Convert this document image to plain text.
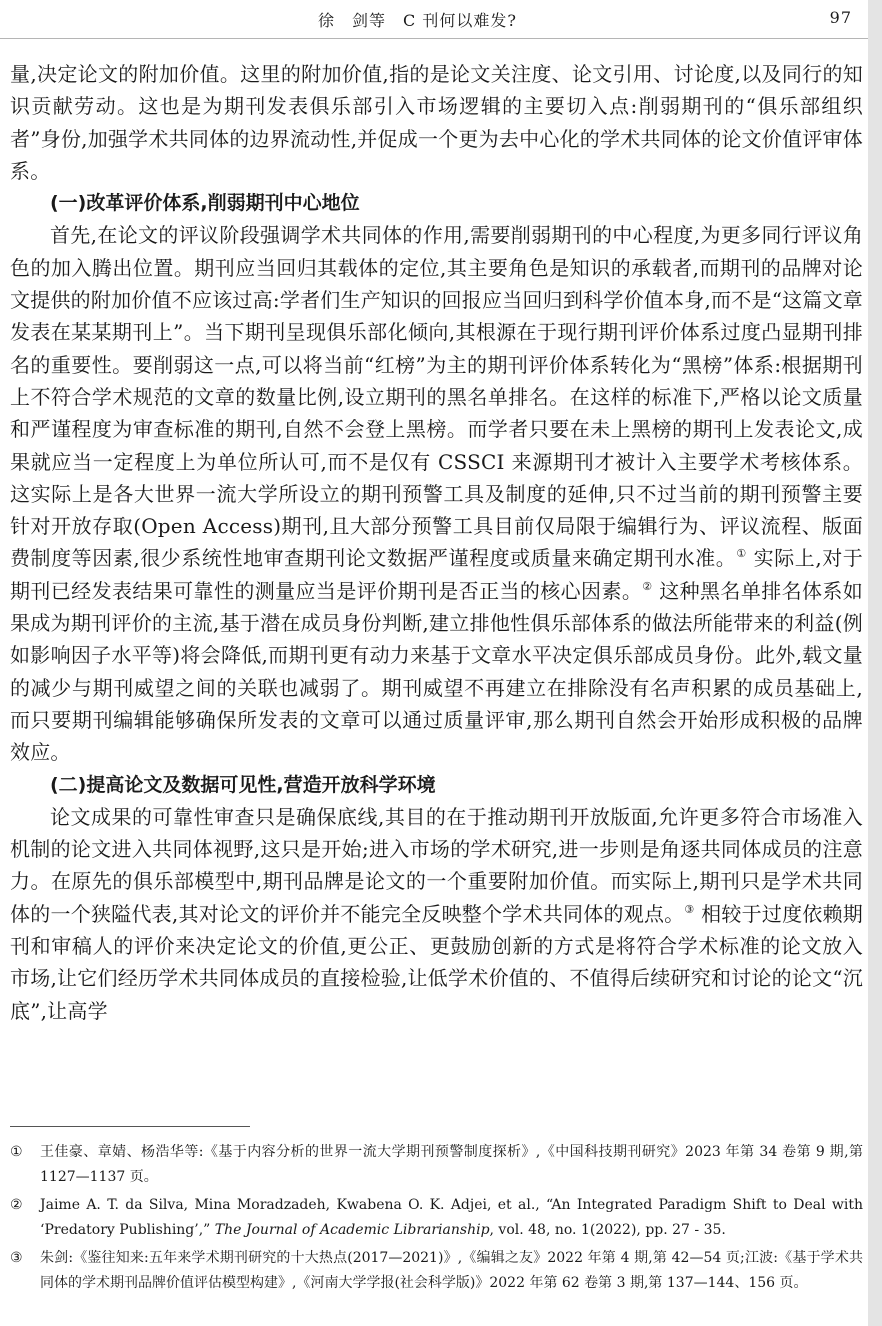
徐　剑等　C 刊何以难发?	97

量,决定论文的附加价值。这里的附加价值,指的是论文关注度、论文引用、讨论度,以及同行的知识贡献劳动。这也是为期刊发表俱乐部引入市场逻辑的主要切入点:削弱期刊的“俱乐部组织者”身份,加强学术共同体的边界流动性,并促成一个更为去中心化的学术共同体的论文价值评审体系。

(一)改革评价体系,削弱期刊中心地位

首先,在论文的评议阶段强调学术共同体的作用,需要削弱期刊的中心程度,为更多同行评议角色的加入腾出位置。期刊应当回归其载体的定位,其主要角色是知识的承载者,而期刊的品牌对论文提供的附加价值不应该过高:学者们生产知识的回报应当回归到科学价值本身,而不是“这篇文章发表在某某期刊上”。当下期刊呈现俱乐部化倾向,其根源在于现行期刊评价体系过度凸显期刊排名的重要性。要削弱这一点,可以将当前“红榜”为主的期刊评价体系转化为“黑榜”体系:根据期刊上不符合学术规范的文章的数量比例,设立期刊的黑名单排名。在这样的标准下,严格以论文质量和严谨程度为审查标准的期刊,自然不会登上黑榜。而学者只要在未上黑榜的期刊上发表论文,成果就应当一定程度上为单位所认可,而不是仅有 CSSCI 来源期刊才被计入主要学术考核体系。这实际上是各大世界一流大学所设立的期刊预警工具及制度的延伸,只不过当前的期刊预警主要针对开放存取(Open Access)期刊,且大部分预警工具目前仅局限于编辑行为、评议流程、版面费制度等因素,很少系统性地审查期刊论文数据严谨程度或质量来确定期刊水准。① 实际上,对于期刊已经发表结果可靠性的测量应当是评价期刊是否正当的核心因素。② 这种黑名单排名体系如果成为期刊评价的主流,基于潜在成员身份判断,建立排他性俱乐部体系的做法所能带来的利益(例如影响因子水平等)将会降低,而期刊更有动力来基于文章水平决定俱乐部成员身份。此外,载文量的减少与期刊威望之间的关联也减弱了。期刊威望不再建立在排除没有名声积累的成员基础上,而只要期刊编辑能够确保所发表的文章可以通过质量评审,那么期刊自然会开始形成积极的品牌效应。

(二)提高论文及数据可见性,营造开放科学环境

论文成果的可靠性审查只是确保底线,其目的在于推动期刊开放版面,允许更多符合市场准入机制的论文进入共同体视野,这只是开始;进入市场的学术研究,进一步则是角逐共同体成员的注意力。在原先的俱乐部模型中,期刊品牌是论文的一个重要附加价值。而实际上,期刊只是学术共同体的一个狭隘代表,其对论文的评价并不能完全反映整个学术共同体的观点。③ 相较于过度依赖期刊和审稿人的评价来决定论文的价值,更公正、更鼓励创新的方式是将符合学术标准的论文放入市场,让它们经历学术共同体成员的直接检验,让低学术价值的、不值得后续研究和讨论的论文“沉底”,让高学

① 王佳豪、章婧、杨浩华等:《基于内容分析的世界一流大学期刊预警制度探析》,《中国科技期刊研究》2023 年第 34 卷第 9 期,第 1127—1137 页。
② Jaime A. T. da Silva, Mina Moradzadeh, Kwabena O. K. Adjei, et al., “An Integrated Paradigm Shift to Deal with ‘Predatory Publishing’,” The Journal of Academic Librarianship, vol. 48, no. 1(2022), pp. 27 - 35.
③ 朱剑:《鉴往知来:五年来学术期刊研究的十大热点(2017—2021)》,《编辑之友》2022 年第 4 期,第 42—54 页;江波:《基于学术共同体的学术期刊品牌价值评估模型构建》,《河南大学学报(社会科学版)》2022 年第 62 卷第 3 期,第 137—144、156 页。
